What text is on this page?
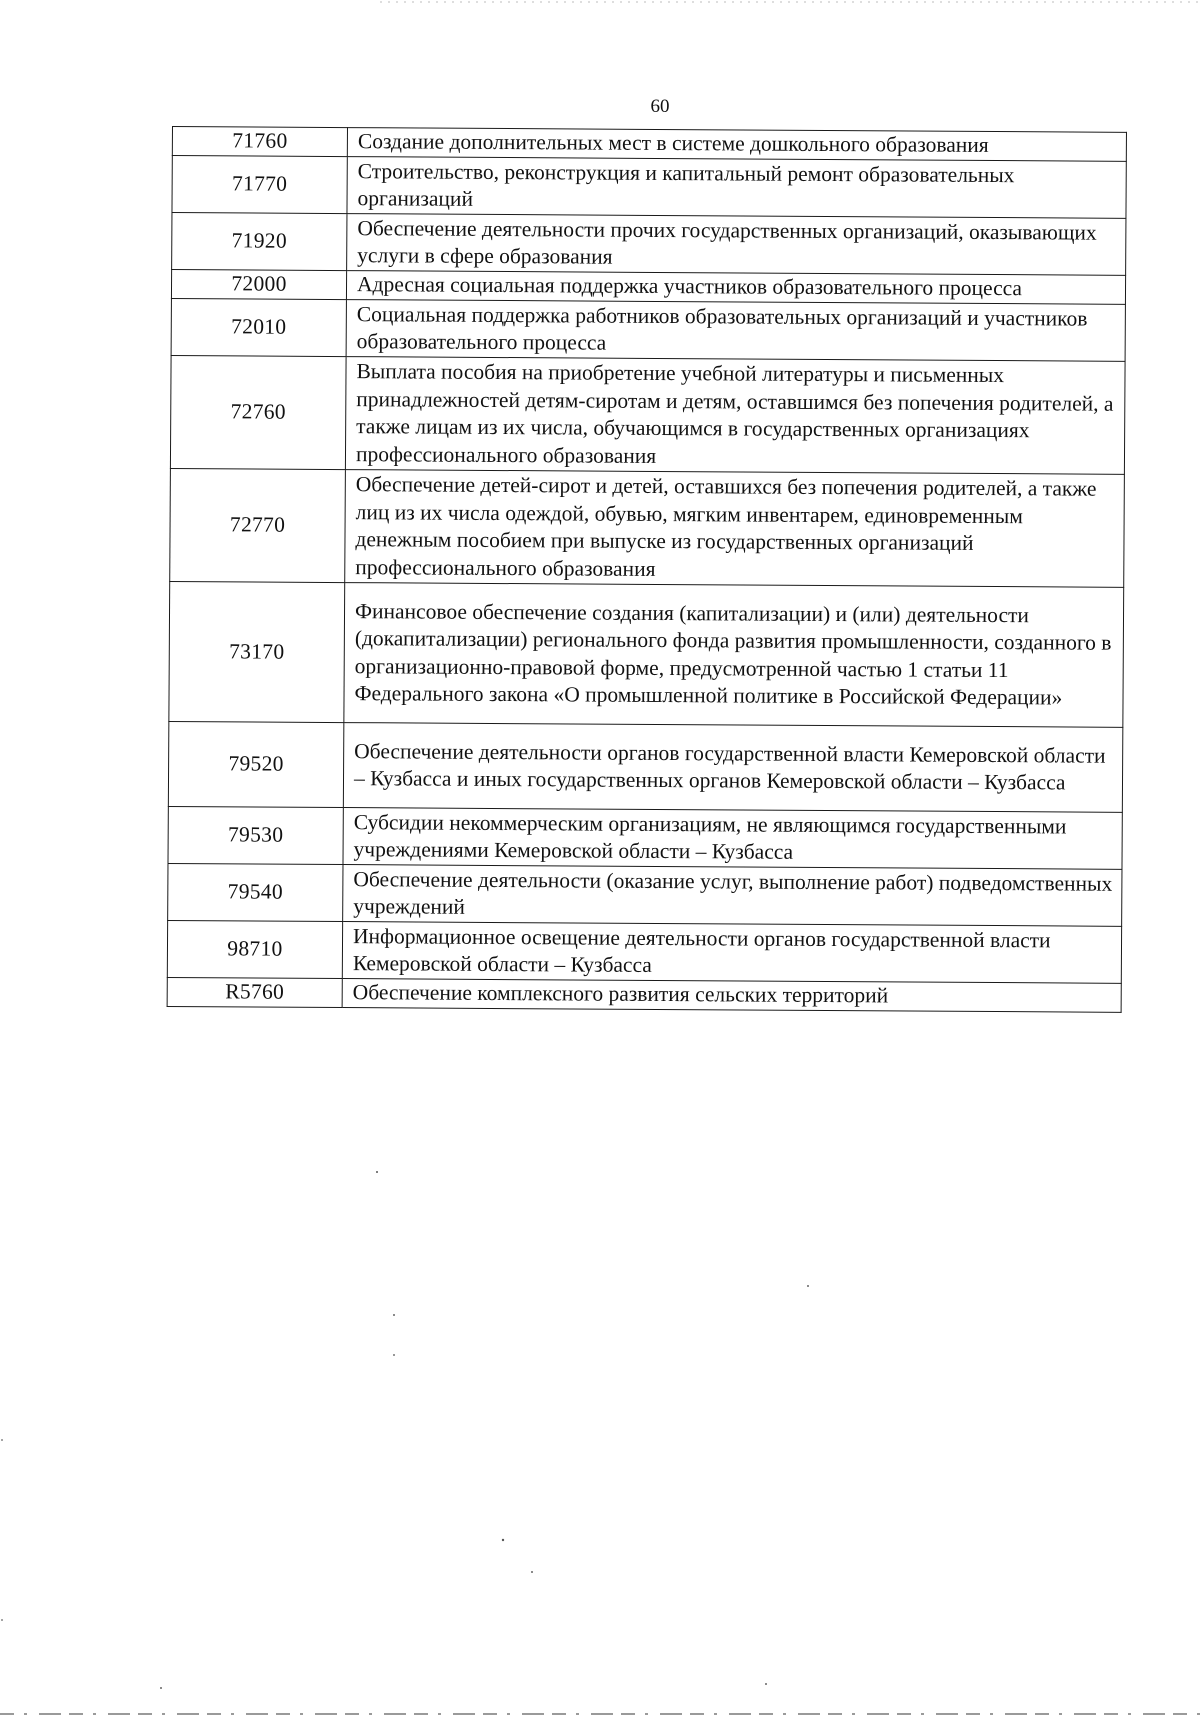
60
71760	Создание дополнительных мест в системе дошкольного образования
71770	Строительство, реконструкция и капитальный ремонт образовательных организаций
71920	Обеспечение деятельности прочих государственных организаций, оказывающих услуги в сфере образования
72000	Адресная социальная поддержка участников образовательного процесса
72010	Социальная поддержка работников образовательных организаций и участников образовательного процесса
72760	Выплата пособия на приобретение учебной литературы и письменных принадлежностей детям-сиротам и детям, оставшимся без попечения родителей, а также лицам из их числа, обучающимся в государственных организациях профессионального образования
72770	Обеспечение детей-сирот и детей, оставшихся без попечения родителей, а также лиц из их числа одеждой, обувью, мягким инвентарем, единовременным денежным пособием при выпуске из государственных организаций профессионального образования
73170	Финансовое обеспечение создания (капитализации) и (или) деятельности (докапитализации) регионального фонда развития промышленности, созданного в организационно-правовой форме, предусмотренной частью 1 статьи 11 Федерального закона «О промышленной политике в Российской Федерации»
79520	Обеспечение деятельности органов государственной власти Кемеровской области – Кузбасса и иных государственных органов Кемеровской области – Кузбасса
79530	Субсидии некоммерческим организациям, не являющимся государственными учреждениями Кемеровской области – Кузбасса
79540	Обеспечение деятельности (оказание услуг, выполнение работ) подведомственных учреждений
98710	Информационное освещение деятельности органов государственной власти Кемеровской области – Кузбасса
R5760	Обеспечение комплексного развития сельских территорий
